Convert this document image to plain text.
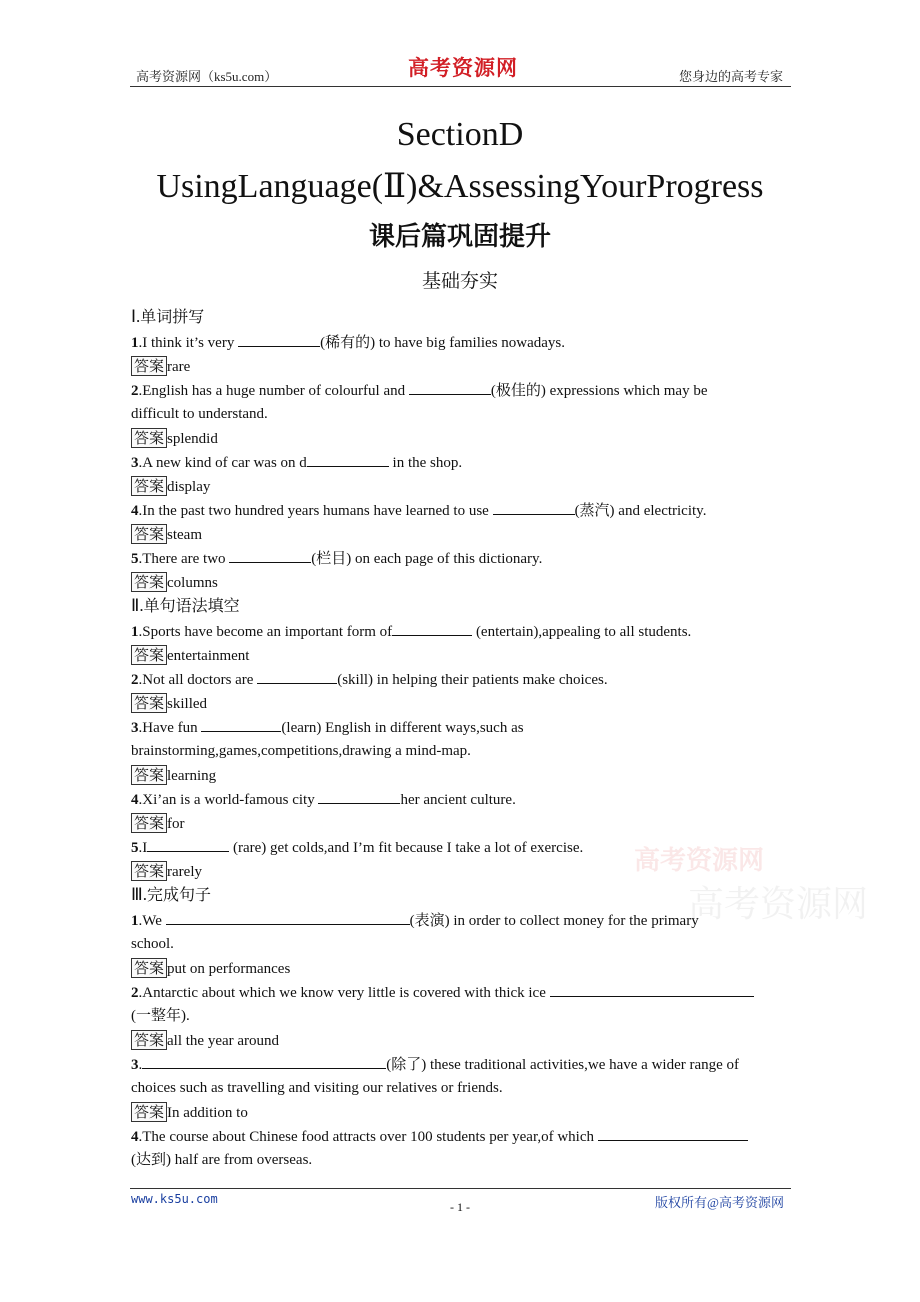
高考资源网（ks5u.com）	高考资源网	您身边的高考专家
SectionD
UsingLanguage(Ⅱ)&AssessingYourProgress
课后篇巩固提升
基础夯实
Ⅰ.单词拼写
1.I think it’s very	(稀有的) to have big families nowadays.
答案 rare
2.English has a huge number of colourful and	(极佳的) expressions which may be
difficult to understand.
答案 splendid
3.A new kind of car was on d	in the shop.
答案 display
4.In the past two hundred years humans have learned to use	(蒸汽) and electricity.
答案 steam
5.There are two	(栏目) on each page of this dictionary.
答案 columns
Ⅱ.单句语法填空
1.Sports have become an important form of	(entertain),appealing to all students.
答案 entertainment
2.Not all doctors are	(skill) in helping their patients make choices.
答案 skilled
3.Have fun	(learn) English in different ways,such as
brainstorming,games,competitions,drawing a mind-map.
答案 learning
4.Xi’an is a world-famous city	her ancient culture.
答案 for
5.I	(rare) get colds,and I’m fit because I take a lot of exercise.
答案 rarely
Ⅲ.完成句子
1.We	(表演) in order to collect money for the primary
school.
答案 put on performances
2.Antarctic about which we know very little is covered with thick ice
(一整年).
答案 all the year around
3.	(除了) these traditional activities,we have a wider range of
choices such as travelling and visiting our relatives or friends.
答案 In addition to
4.The course about Chinese food attracts over 100 students per year,of which
(达到) half are from overseas.
高考资源网
高考资源网
www.ks5u.com
- 1 -	版权所有@高考资源网
